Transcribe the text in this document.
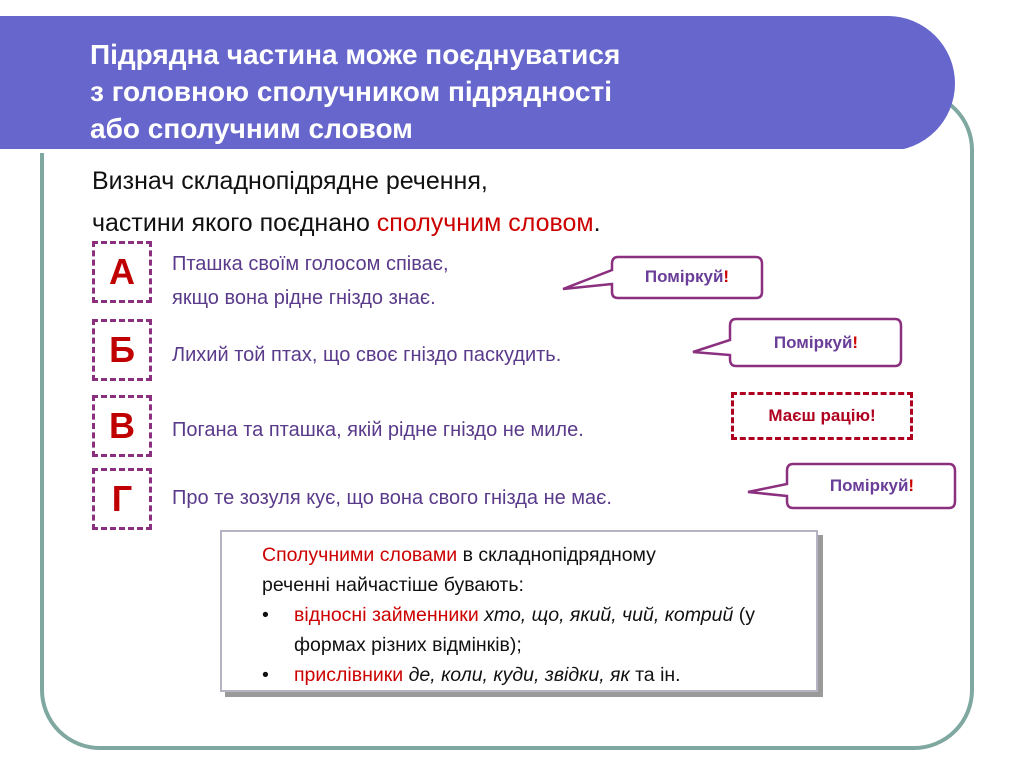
Підрядна частина може поєднуватися
з головною сполучником підрядності
або сполучним словом
Визнач складнопідрядне речення,
частини якого поєднано сполучним словом.
А	Пташка своїм голосом співає,
якщо вона рідне гніздо знає.
Б	Лихий той птах, що своє гніздо паскудить.
В	Погана та пташка, якій рідне гніздо не миле.
Г	Про те зозуля кує, що вона свого гнізда не має.
Поміркуй !
Поміркуй !
Маєш рацію!
Поміркуй !
Сполучними словами в складнопідрядному
реченні найчастіше бувають:
• відносні займенники хто, що, який, чий, котрий (у формах різних відмінків);
• прислівники де, коли, куди, звідки, як та ін.
